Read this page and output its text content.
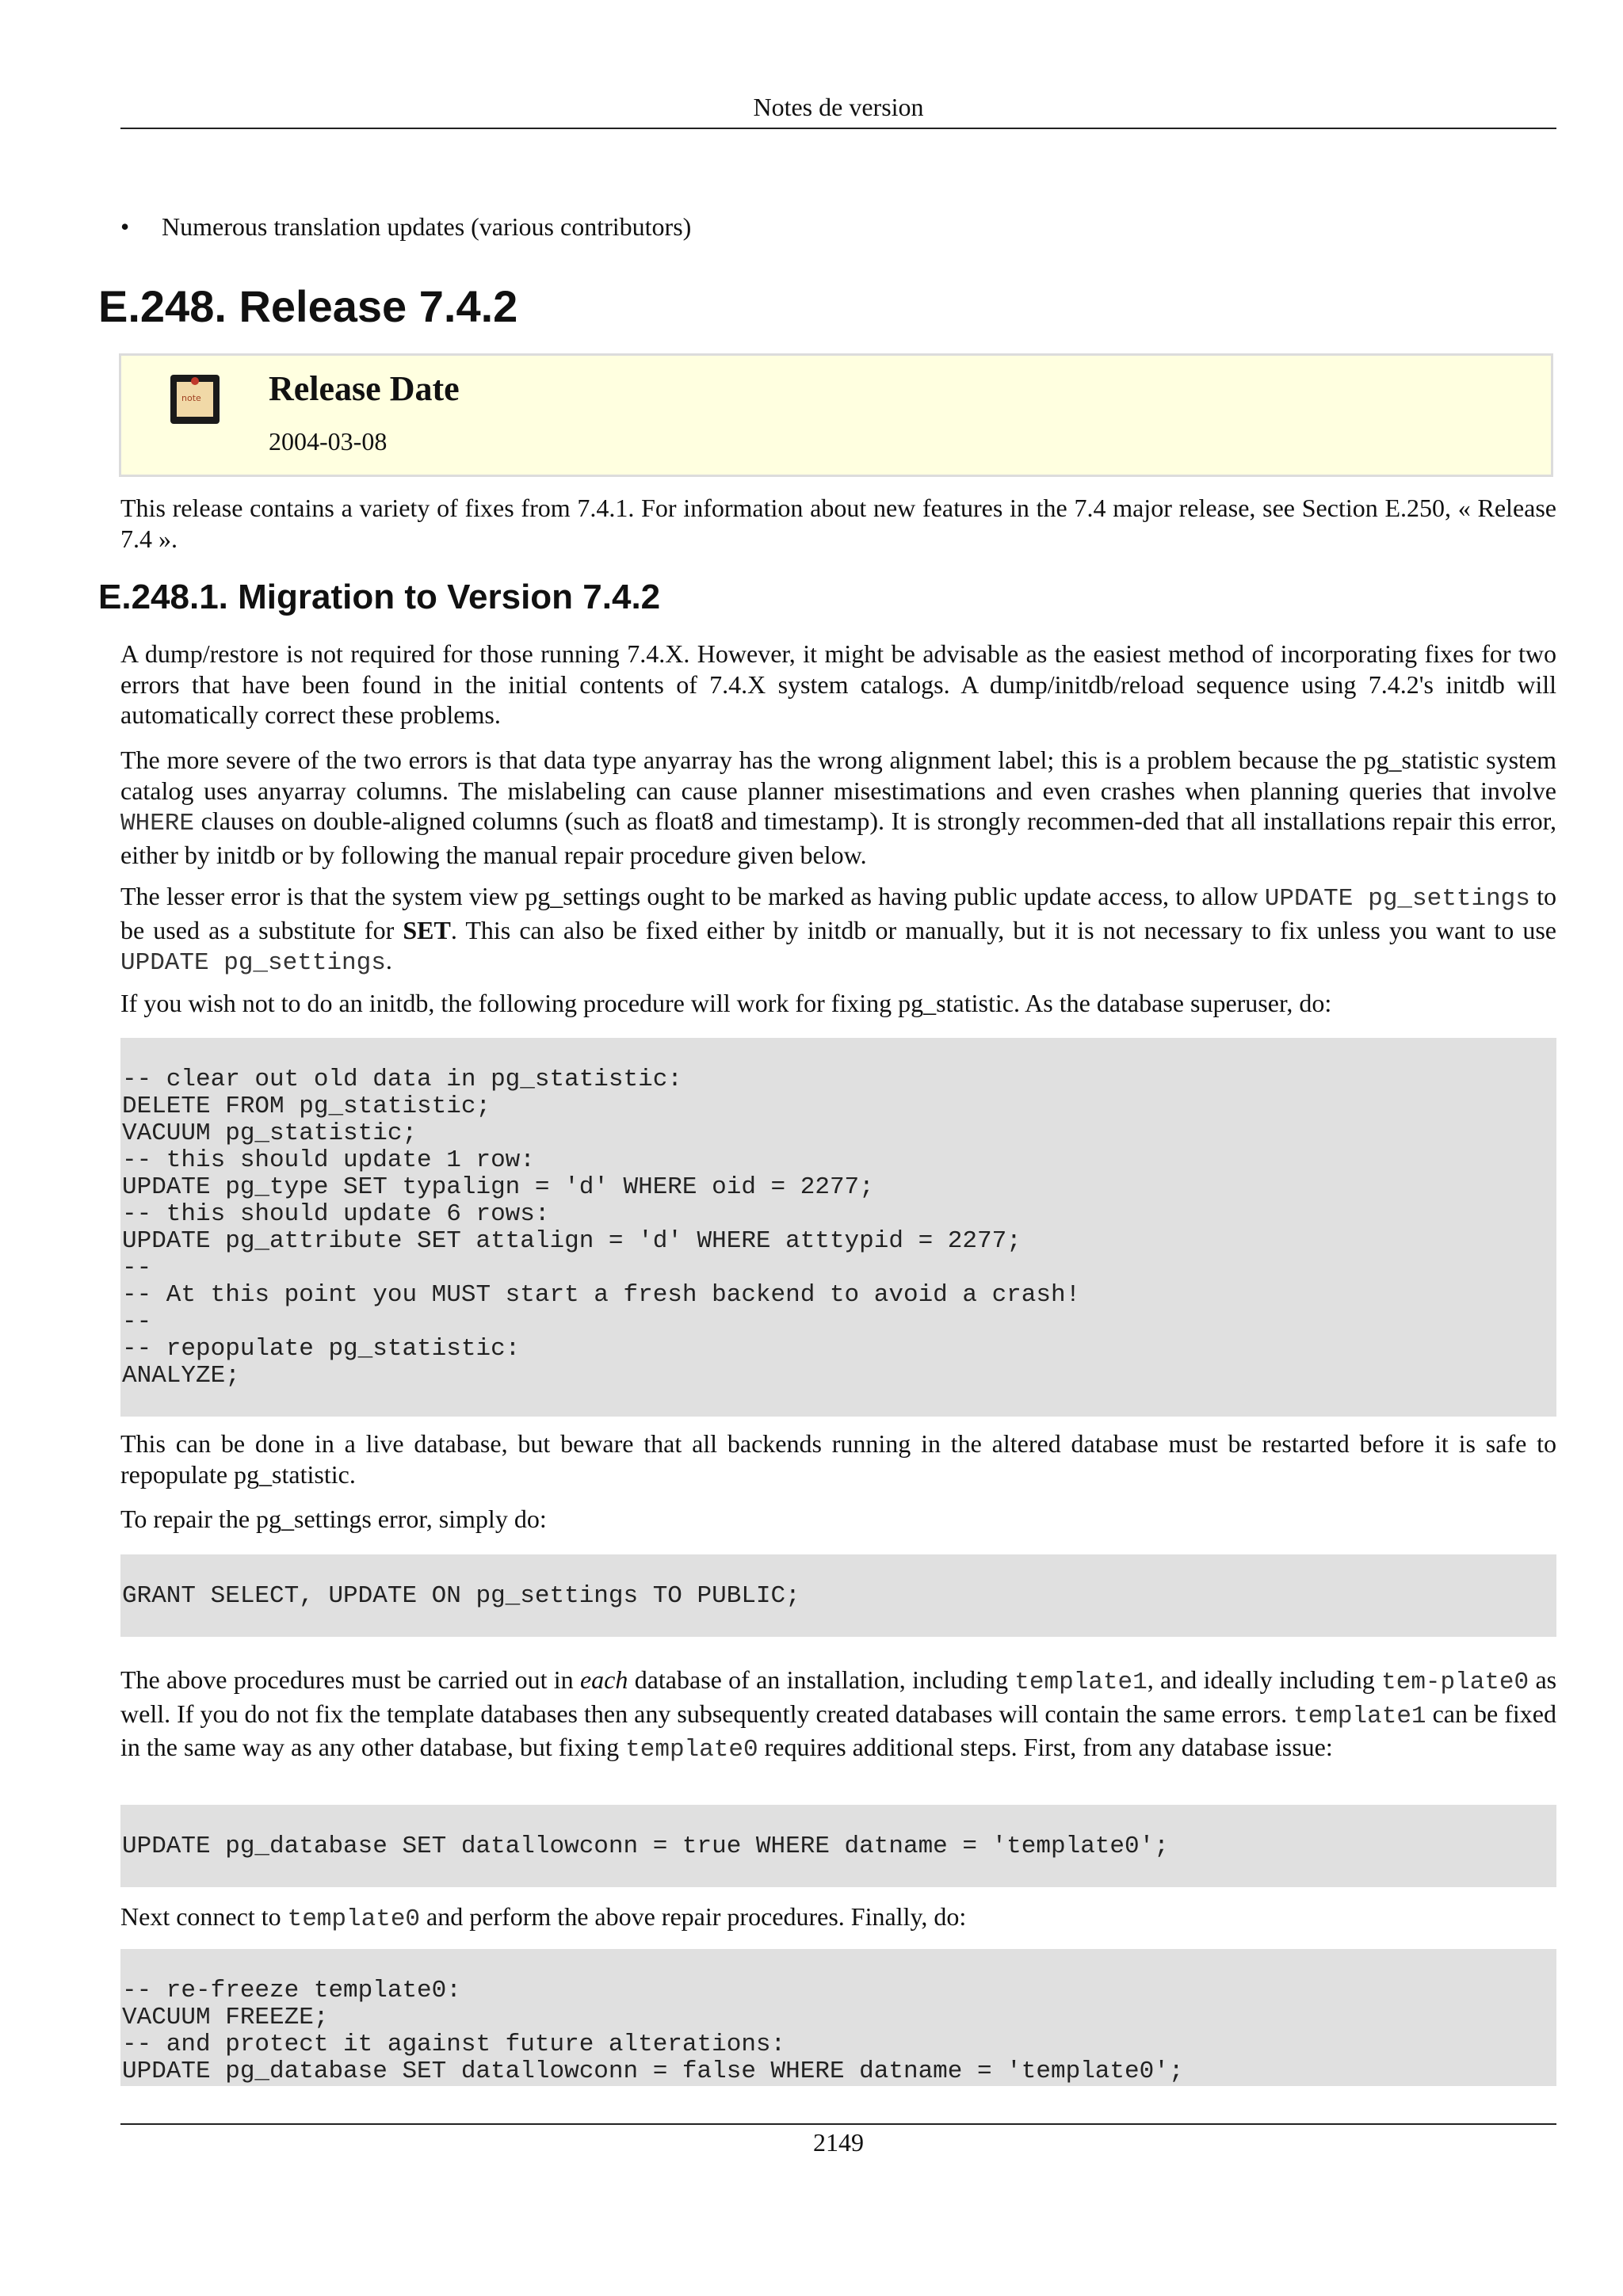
Notes de version
• Numerous translation updates (various contributors)
E.248. Release 7.4.2
note Release Date
2004-03-08

This release contains a variety of fixes from 7.4.1. For information about new features in the 7.4 major release, see Section E.250, « Release 7.4 ».

E.248.1. Migration to Version 7.4.2

A dump/restore is not required for those running 7.4.X. However, it might be advisable as the easiest method of incorporating fixes for two errors that have been found in the initial contents of 7.4.X system catalogs. A dump/initdb/reload sequence using 7.4.2's initdb will automatically correct these problems.

The more severe of the two errors is that data type anyarray has the wrong alignment label; this is a problem because the pg_statistic system catalog uses anyarray columns. The mislabeling can cause planner misestimations and even crashes when planning queries that involve WHERE clauses on double-aligned columns (such as float8 and timestamp). It is strongly recommen-ded that all installations repair this error, either by initdb or by following the manual repair procedure given below.

The lesser error is that the system view pg_settings ought to be marked as having public update access, to allow UPDATE pg_settings to be used as a substitute for SET. This can also be fixed either by initdb or manually, but it is not necessary to fix unless you want to use UPDATE pg_settings.

If you wish not to do an initdb, the following procedure will work for fixing pg_statistic. As the database superuser, do:

-- clear out old data in pg_statistic:
DELETE FROM pg_statistic;
VACUUM pg_statistic;
-- this should update 1 row:
UPDATE pg_type SET typalign = 'd' WHERE oid = 2277;
-- this should update 6 rows:
UPDATE pg_attribute SET attalign = 'd' WHERE atttypid = 2277;
--
-- At this point you MUST start a fresh backend to avoid a crash!
--
-- repopulate pg_statistic:
ANALYZE;

This can be done in a live database, but beware that all backends running in the altered database must be restarted before it is safe to repopulate pg_statistic.

To repair the pg_settings error, simply do:

GRANT SELECT, UPDATE ON pg_settings TO PUBLIC;

The above procedures must be carried out in each database of an installation, including template1, and ideally including tem-plate0 as well. If you do not fix the template databases then any subsequently created databases will contain the same errors. template1 can be fixed in the same way as any other database, but fixing template0 requires additional steps. First, from any database issue:

UPDATE pg_database SET datallowconn = true WHERE datname = 'template0';

Next connect to template0 and perform the above repair procedures. Finally, do:

-- re-freeze template0:
VACUUM FREEZE;
-- and protect it against future alterations:
UPDATE pg_database SET datallowconn = false WHERE datname = 'template0';
2149
